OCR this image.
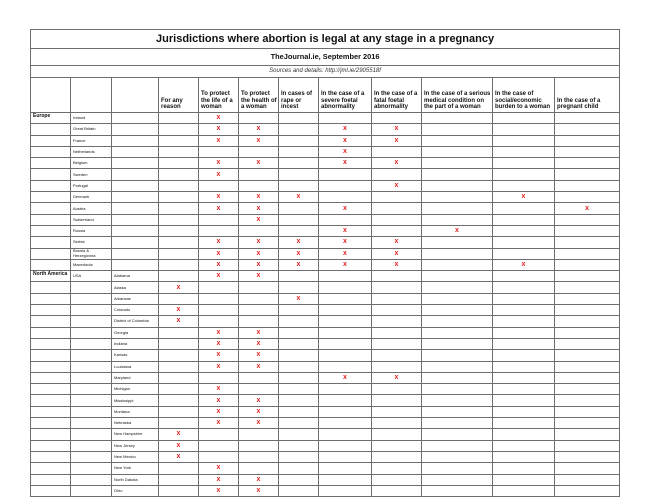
Jurisdictions where abortion is legal at any stage in a pregnancy											
TheJournal.ie, September 2016											
Sources and details: http://jml.ie/2905518f											
			For any reason	To protect the life of a woman	To protect the health of a woman	In cases of rape or incest	In the case of a severe foetal abnormality	In the case of a fatal foetal abnormality	In the case of a serious medical condition on the part of a woman	In the case of social/economic burden to a woman	In the case of a pregnant child
Europe	Ireland			x							
	Great Britain			x	x		x	x			
	France			x	x		x	x			
	Netherlands						x				
	Belgium			x	x		x	x			
	Sweden			x							
	Portugal							x			
	Denmark			x	x	x				x	
	Austria			x	x		x				x
	Switzerland				x						
	Russia						x		x		
	Serbia			x	x	x	x	x			
	Bosnia & Herzegovina			x	x	x	x	x			
	Macedonia			x	x	x	x	x		x	
North America	USA	Alabama		x	x						
		Alaska	x								
		Arkansas				x					
		Colorado	x								
		District of Columbia	x								
		Georgia		x	x						
		Indiana		x	x						
		Kansas		x	x						
		Louisiana		x	x						
		Maryland					x	x			
		Michigan		x							
		Mississippi		x	x						
		Montana		x	x						
		Nebraska		x	x						
		New Hampshire	x								
		New Jersey	x								
		New Mexico	x								
		New York		x							
		North Dakota		x	x						
		Ohio		x	x						
